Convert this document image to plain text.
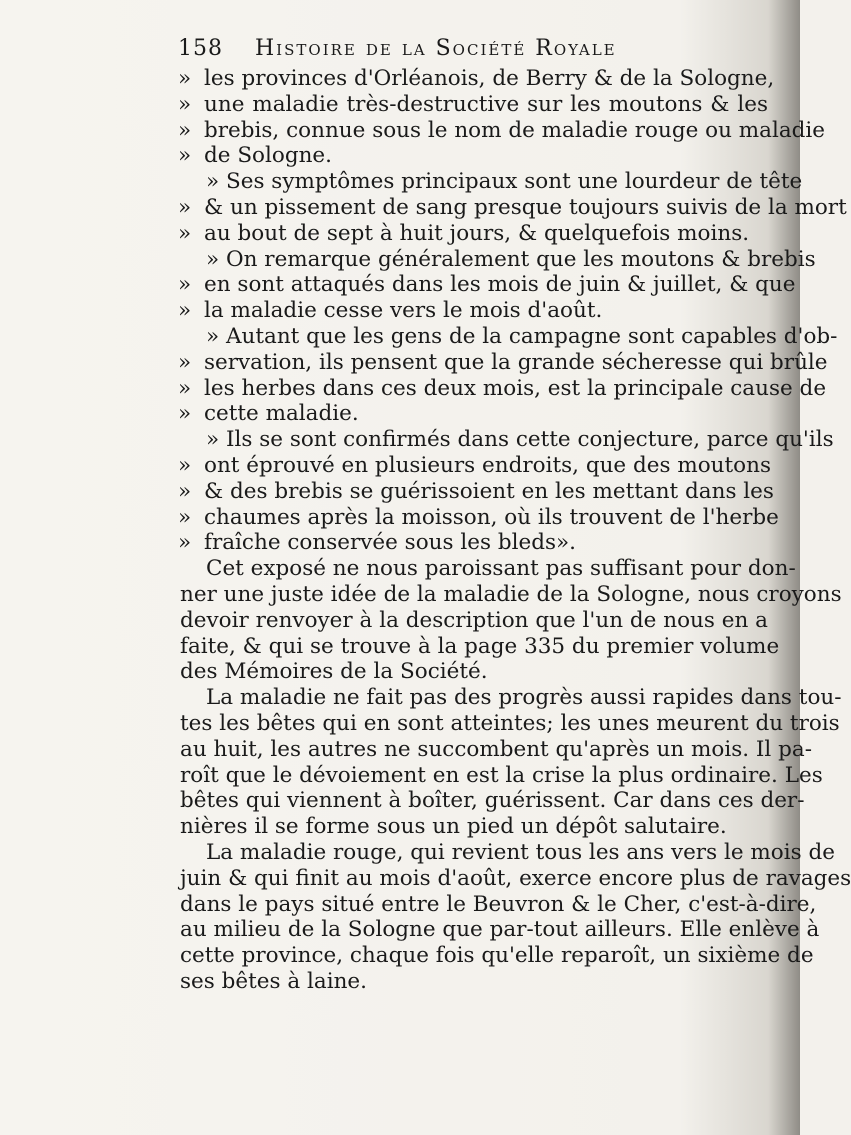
158 Histoire de la Société Royale
» les provinces d'Orléanois, de Berry & de la Sologne,
» une maladie très-destructive sur les moutons & les
» brebis, connue sous le nom de maladie rouge ou maladie
» de Sologne.
» Ses symptômes principaux sont une lourdeur de tête
» & un pissement de sang presque toujours suivis de la mort
» au bout de sept à huit jours, & quelquefois moins.
» On remarque généralement que les moutons & brebis
» en sont attaqués dans les mois de juin & juillet, & que
» la maladie cesse vers le mois d'août.
» Autant que les gens de la campagne sont capables d'ob-
» servation, ils pensent que la grande sécheresse qui brûle
» les herbes dans ces deux mois, est la principale cause de
» cette maladie.
» Ils se sont confirmés dans cette conjecture, parce qu'ils
» ont éprouvé en plusieurs endroits, que des moutons
» & des brebis se guérissoient en les mettant dans les
» chaumes après la moisson, où ils trouvent de l'herbe
» fraîche conservée sous les bleds».
Cet exposé ne nous paroissant pas suffisant pour don-
ner une juste idée de la maladie de la Sologne, nous croyons
devoir renvoyer à la description que l'un de nous en a
faite, & qui se trouve à la page 335 du premier volume
des Mémoires de la Société.
La maladie ne fait pas des progrès aussi rapides dans tou-
tes les bêtes qui en sont atteintes; les unes meurent du trois
au huit, les autres ne succombent qu'après un mois. Il pa-
roît que le dévoiement en est la crise la plus ordinaire. Les
bêtes qui viennent à boîter, guérissent. Car dans ces der-
nières il se forme sous un pied un dépôt salutaire.
La maladie rouge, qui revient tous les ans vers le mois de
juin & qui finit au mois d'août, exerce encore plus de ravages
dans le pays situé entre le Beuvron & le Cher, c'est-à-dire,
au milieu de la Sologne que par-tout ailleurs. Elle enlève à
cette province, chaque fois qu'elle reparoît, un sixième de
ses bêtes à laine.
